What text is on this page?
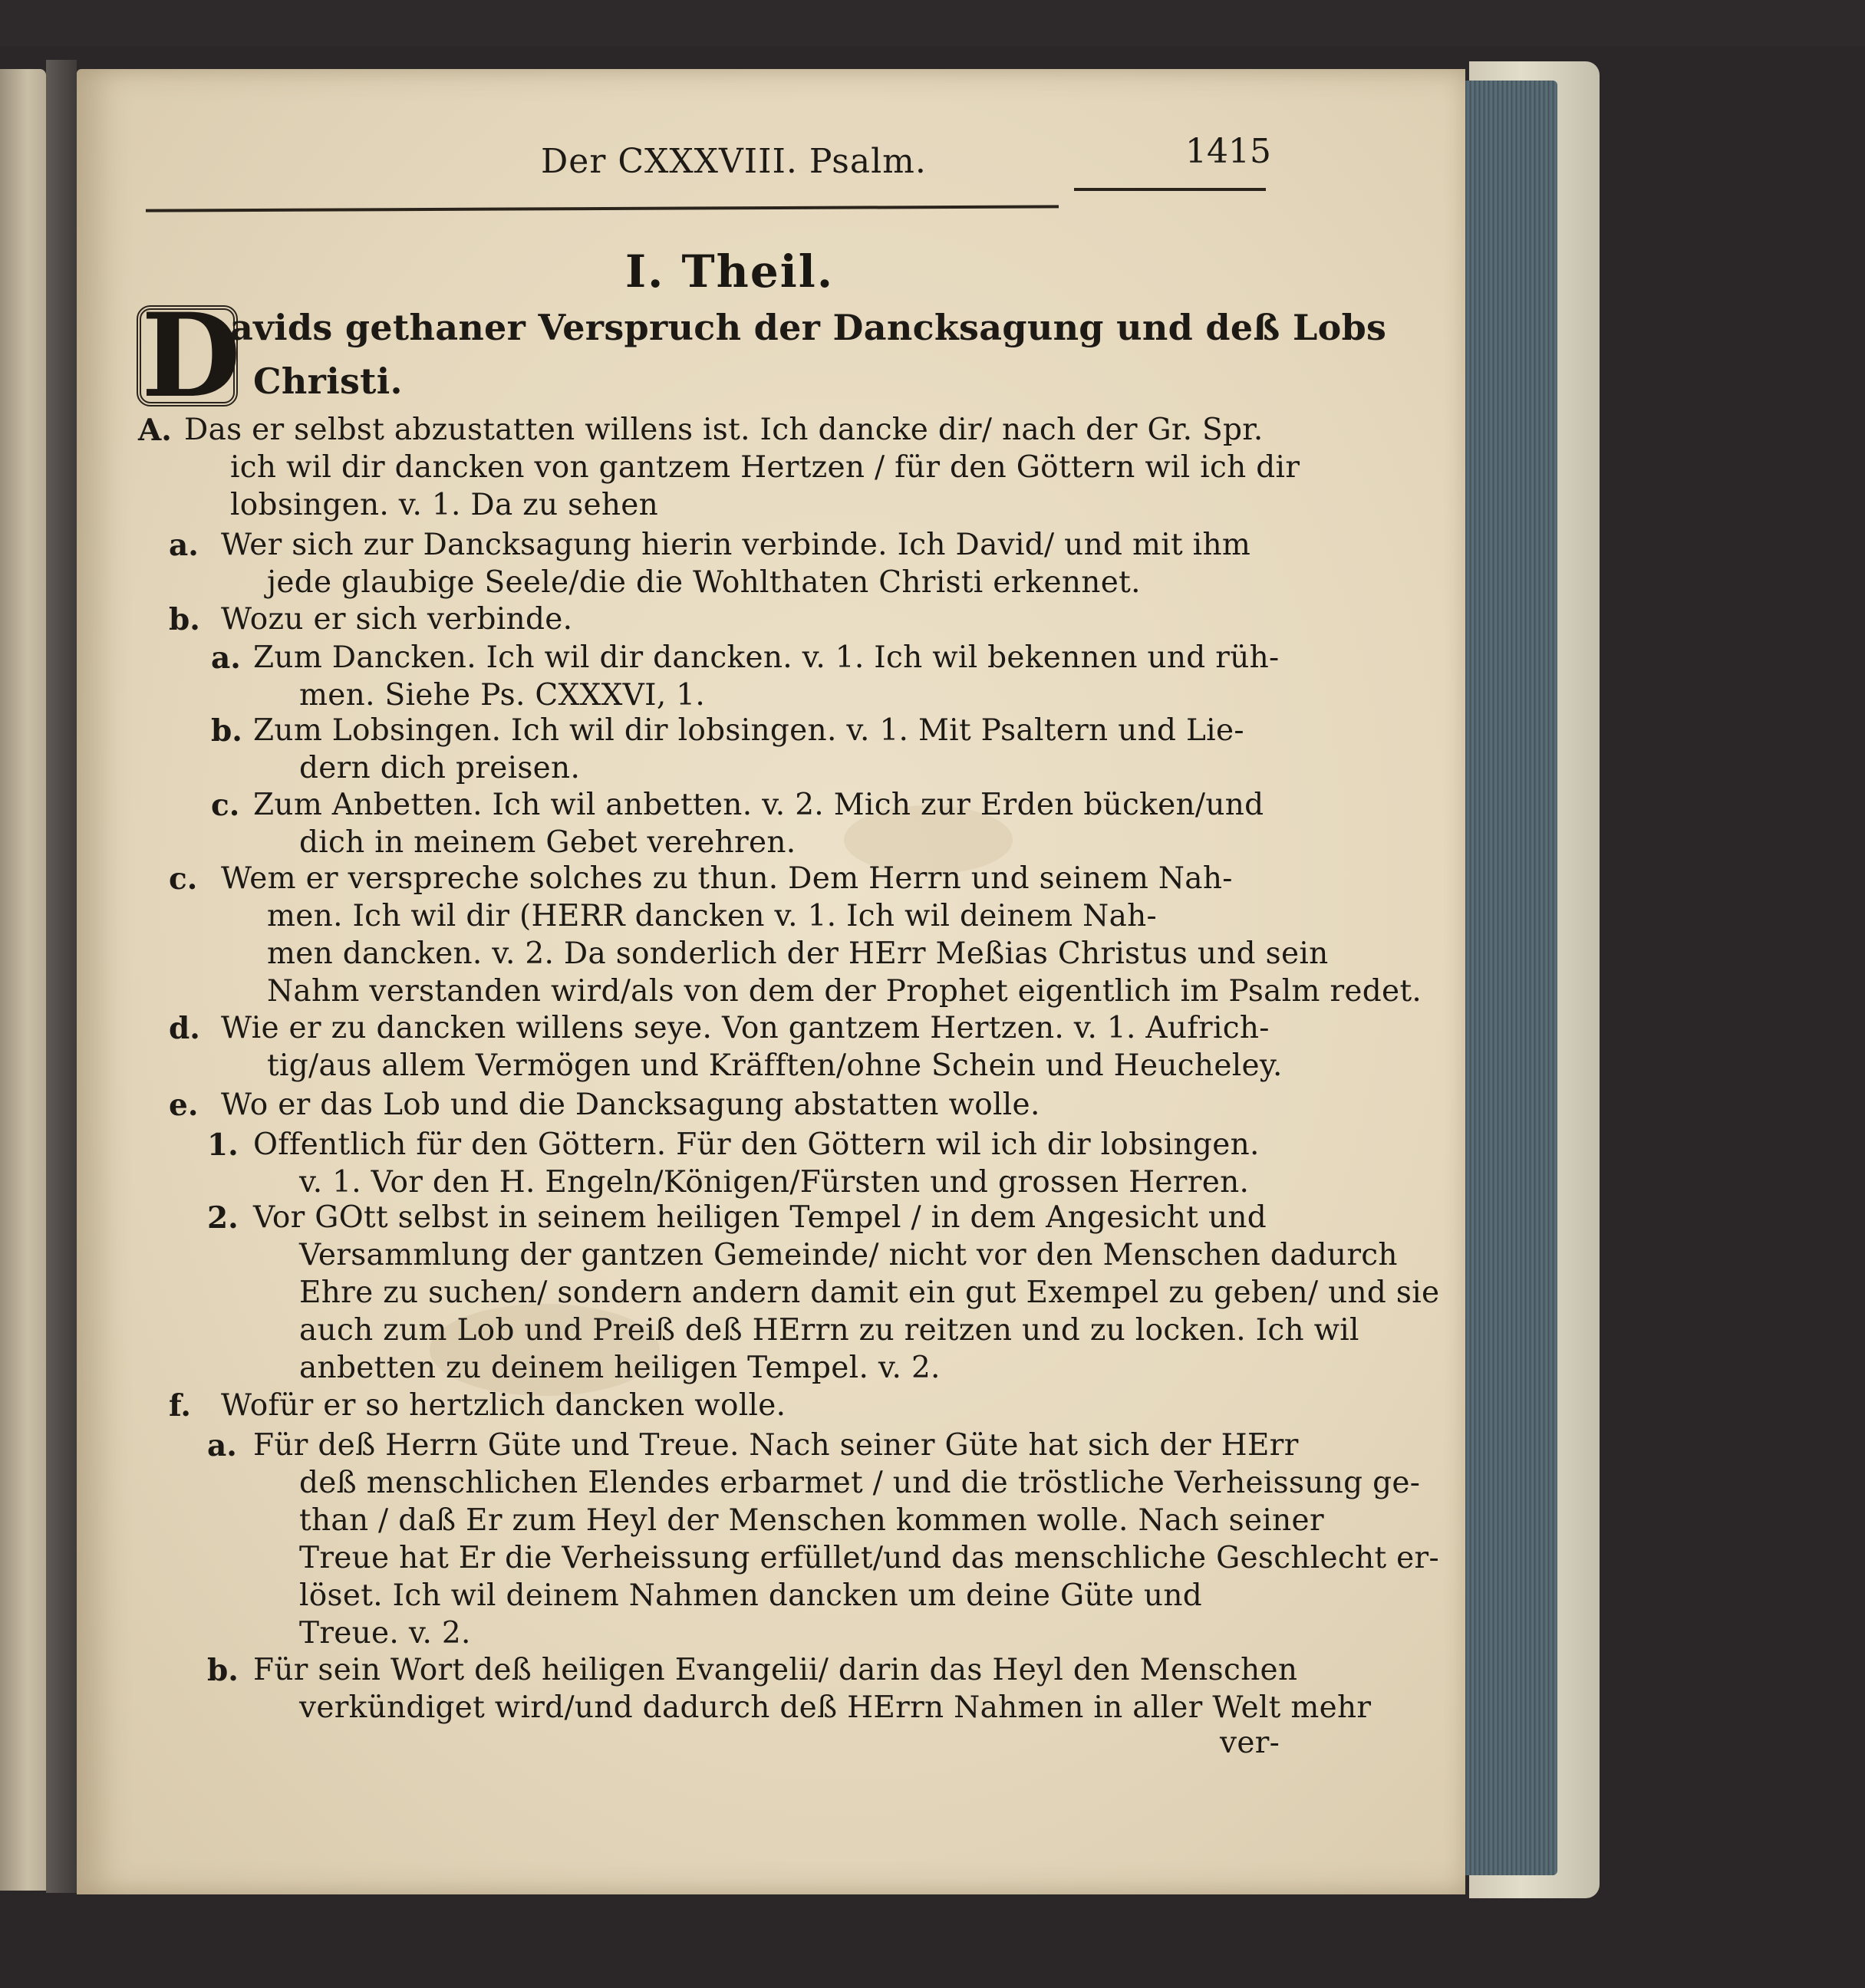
Der CXXXVIII. Psalm.	1415
I. Theil.
D
avids gethaner Verspruch der Dancksagung und deß Lobs
Christi.
A. Das er selbst abzustatten willens ist. Ich dancke dir/ nach der Gr. Spr.
ich wil dir dancken von gantzem Hertzen / für den Göttern wil ich dir
lobsingen. v. 1. Da zu sehen
a. Wer sich zur Dancksagung hierin verbinde. Ich David/ und mit ihm
jede glaubige Seele/die die Wohlthaten Christi erkennet.
b. Wozu er sich verbinde.
a. Zum Dancken. Ich wil dir dancken. v. 1. Ich wil bekennen und rüh-
men. Siehe Ps. CXXXVI, 1.
b. Zum Lobsingen. Ich wil dir lobsingen. v. 1. Mit Psaltern und Lie-
dern dich preisen.
c. Zum Anbetten. Ich wil anbetten. v. 2. Mich zur Erden bücken/und
dich in meinem Gebet verehren.
c. Wem er verspreche solches zu thun. Dem Herrn und seinem Nah-
men. Ich wil dir (HERR dancken v. 1. Ich wil deinem Nah-
men dancken. v. 2. Da sonderlich der HErr Meßias Christus und sein
Nahm verstanden wird/als von dem der Prophet eigentlich im Psalm redet.
d. Wie er zu dancken willens seye. Von gantzem Hertzen. v. 1. Aufrich-
tig/aus allem Vermögen und Kräfften/ohne Schein und Heucheley.
e. Wo er das Lob und die Dancksagung abstatten wolle.
1. Offentlich für den Göttern. Für den Göttern wil ich dir lobsingen.
v. 1. Vor den H. Engeln/Königen/Fürsten und grossen Herren.
2. Vor GOtt selbst in seinem heiligen Tempel / in dem Angesicht und
Versammlung der gantzen Gemeinde/ nicht vor den Menschen dadurch
Ehre zu suchen/ sondern andern damit ein gut Exempel zu geben/ und sie
auch zum Lob und Preiß deß HErrn zu reitzen und zu locken. Ich wil
anbetten zu deinem heiligen Tempel. v. 2.
f. Wofür er so hertzlich dancken wolle.
a. Für deß Herrn Güte und Treue. Nach seiner Güte hat sich der HErr
deß menschlichen Elendes erbarmet / und die tröstliche Verheissung ge-
than / daß Er zum Heyl der Menschen kommen wolle. Nach seiner
Treue hat Er die Verheissung erfüllet/und das menschliche Geschlecht er-
löset. Ich wil deinem Nahmen dancken um deine Güte und
Treue. v. 2.
b. Für sein Wort deß heiligen Evangelii/ darin das Heyl den Menschen
verkündiget wird/und dadurch deß HErrn Nahmen in aller Welt mehr
ver-
